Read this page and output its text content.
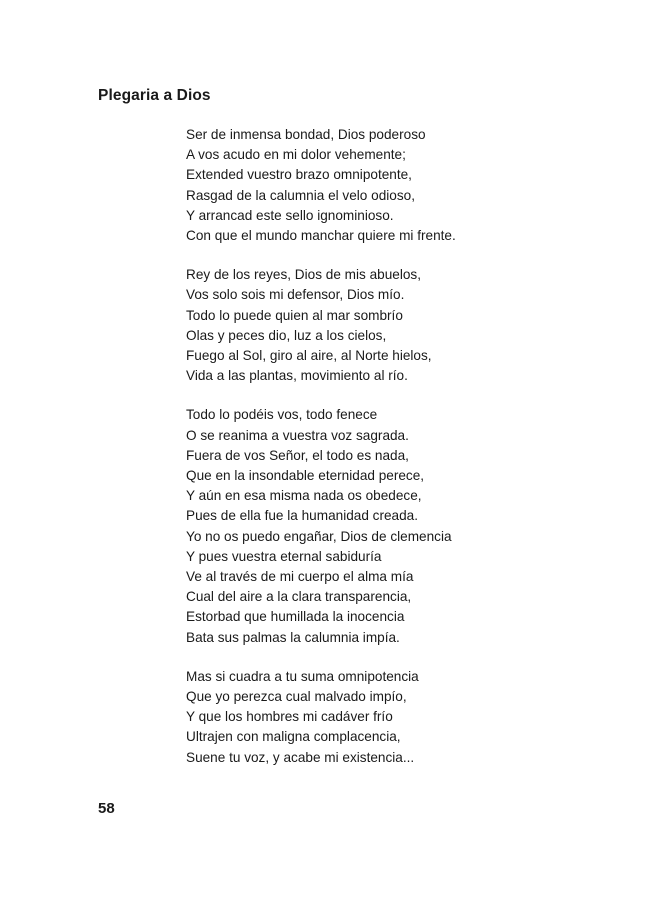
Plegaria a Dios
Ser de inmensa bondad, Dios poderoso
A vos acudo en mi dolor vehemente;
Extended vuestro brazo omnipotente,
Rasgad de la calumnia el velo odioso,
Y arrancad este sello ignominioso.
Con que el mundo manchar quiere mi frente.
Rey de los reyes, Dios de mis abuelos,
Vos solo sois mi defensor, Dios mío.
Todo lo puede quien al mar sombrío
Olas y peces dio, luz a los cielos,
Fuego al Sol, giro al aire, al Norte hielos,
Vida a las plantas, movimiento al río.
Todo lo podéis vos, todo fenece
O se reanima a vuestra voz sagrada.
Fuera de vos Señor, el todo es nada,
Que en la insondable eternidad perece,
Y aún en esa misma nada os obedece,
Pues de ella fue la humanidad creada.
Yo no os puedo engañar, Dios de clemencia
Y pues vuestra eternal sabiduría
Ve al través de mi cuerpo el alma mía
Cual del aire a la clara transparencia,
Estorbad que humillada la inocencia
Bata sus palmas la calumnia impía.
Mas si cuadra a tu suma omnipotencia
Que yo perezca cual malvado impío,
Y que los hombres mi cadáver frío
Ultrajen con maligna complacencia,
Suene tu voz, y acabe mi existencia...
58
